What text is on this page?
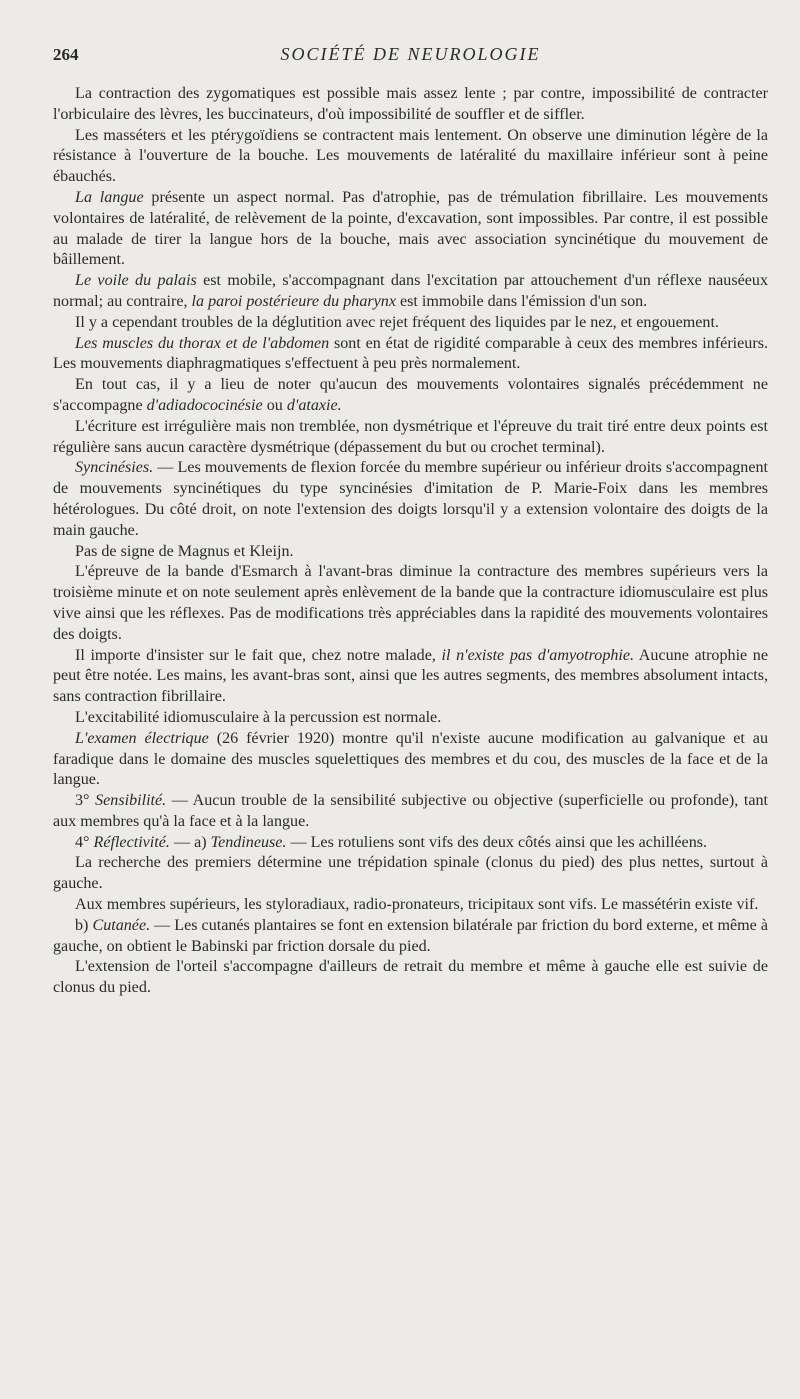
264	SOCIÉTÉ DE NEUROLOGIE

La contraction des zygomatiques est possible mais assez lente ; par contre, impossibilité de contracter l'orbiculaire des lèvres, les buccinateurs, d'où impossibilité de souffler et de siffler.

Les masséters et les ptérygoïdiens se contractent mais lentement. On observe une diminution légère de la résistance à l'ouverture de la bouche. Les mouvements de latéralité du maxillaire inférieur sont à peine ébauchés.

La langue présente un aspect normal. Pas d'atrophie, pas de trémulation fibrillaire. Les mouvements volontaires de latéralité, de relèvement de la pointe, d'excavation, sont impossibles. Par contre, il est possible au malade de tirer la langue hors de la bouche, mais avec association syncinétique du mouvement de bâillement.

Le voile du palais est mobile, s'accompagnant dans l'excitation par attouchement d'un réflexe nauséeux normal; au contraire, la paroi postérieure du pharynx est immobile dans l'émission d'un son.

Il y a cependant troubles de la déglutition avec rejet fréquent des liquides par le nez, et engouement.

Les muscles du thorax et de l'abdomen sont en état de rigidité comparable à ceux des membres inférieurs. Les mouvements diaphragmatiques s'effectuent à peu près normalement.

En tout cas, il y a lieu de noter qu'aucun des mouvements volontaires signalés précédemment ne s'accompagne d'adiadococinésie ou d'ataxie.

L'écriture est irrégulière mais non tremblée, non dysmétrique et l'épreuve du trait tiré entre deux points est régulière sans aucun caractère dysmétrique (dépassement du but ou crochet terminal).

Syncinésies. — Les mouvements de flexion forcée du membre supérieur ou inférieur droits s'accompagnent de mouvements syncinétiques du type syncinésies d'imitation de P. Marie-Foix dans les membres hétérologues. Du côté droit, on note l'extension des doigts lorsqu'il y a extension volontaire des doigts de la main gauche.

Pas de signe de Magnus et Kleijn.

L'épreuve de la bande d'Esmarch à l'avant-bras diminue la contracture des membres supérieurs vers la troisième minute et on note seulement après enlèvement de la bande que la contracture idiomusculaire est plus vive ainsi que les réflexes. Pas de modifications très appréciables dans la rapidité des mouvements volontaires des doigts.

Il importe d'insister sur le fait que, chez notre malade, il n'existe pas d'amyotrophie. Aucune atrophie ne peut être notée. Les mains, les avant-bras sont, ainsi que les autres segments, des membres absolument intacts, sans contraction fibrillaire.

L'excitabilité idiomusculaire à la percussion est normale.

L'examen électrique (26 février 1920) montre qu'il n'existe aucune modification au galvanique et au faradique dans le domaine des muscles squelettiques des membres et du cou, des muscles de la face et de la langue.

3° Sensibilité. — Aucun trouble de la sensibilité subjective ou objective (superficielle ou profonde), tant aux membres qu'à la face et à la langue.

4° Réflectivité. — a) Tendineuse. — Les rotuliens sont vifs des deux côtés ainsi que les achilléens.

La recherche des premiers détermine une trépidation spinale (clonus du pied) des plus nettes, surtout à gauche.

Aux membres supérieurs, les styloradiaux, radio-pronateurs, tricipitaux sont vifs. Le massétérin existe vif.

b) Cutanée. — Les cutanés plantaires se font en extension bilatérale par friction du bord externe, et même à gauche, on obtient le Babinski par friction dorsale du pied.

L'extension de l'orteil s'accompagne d'ailleurs de retrait du membre et même à gauche elle est suivie de clonus du pied.
